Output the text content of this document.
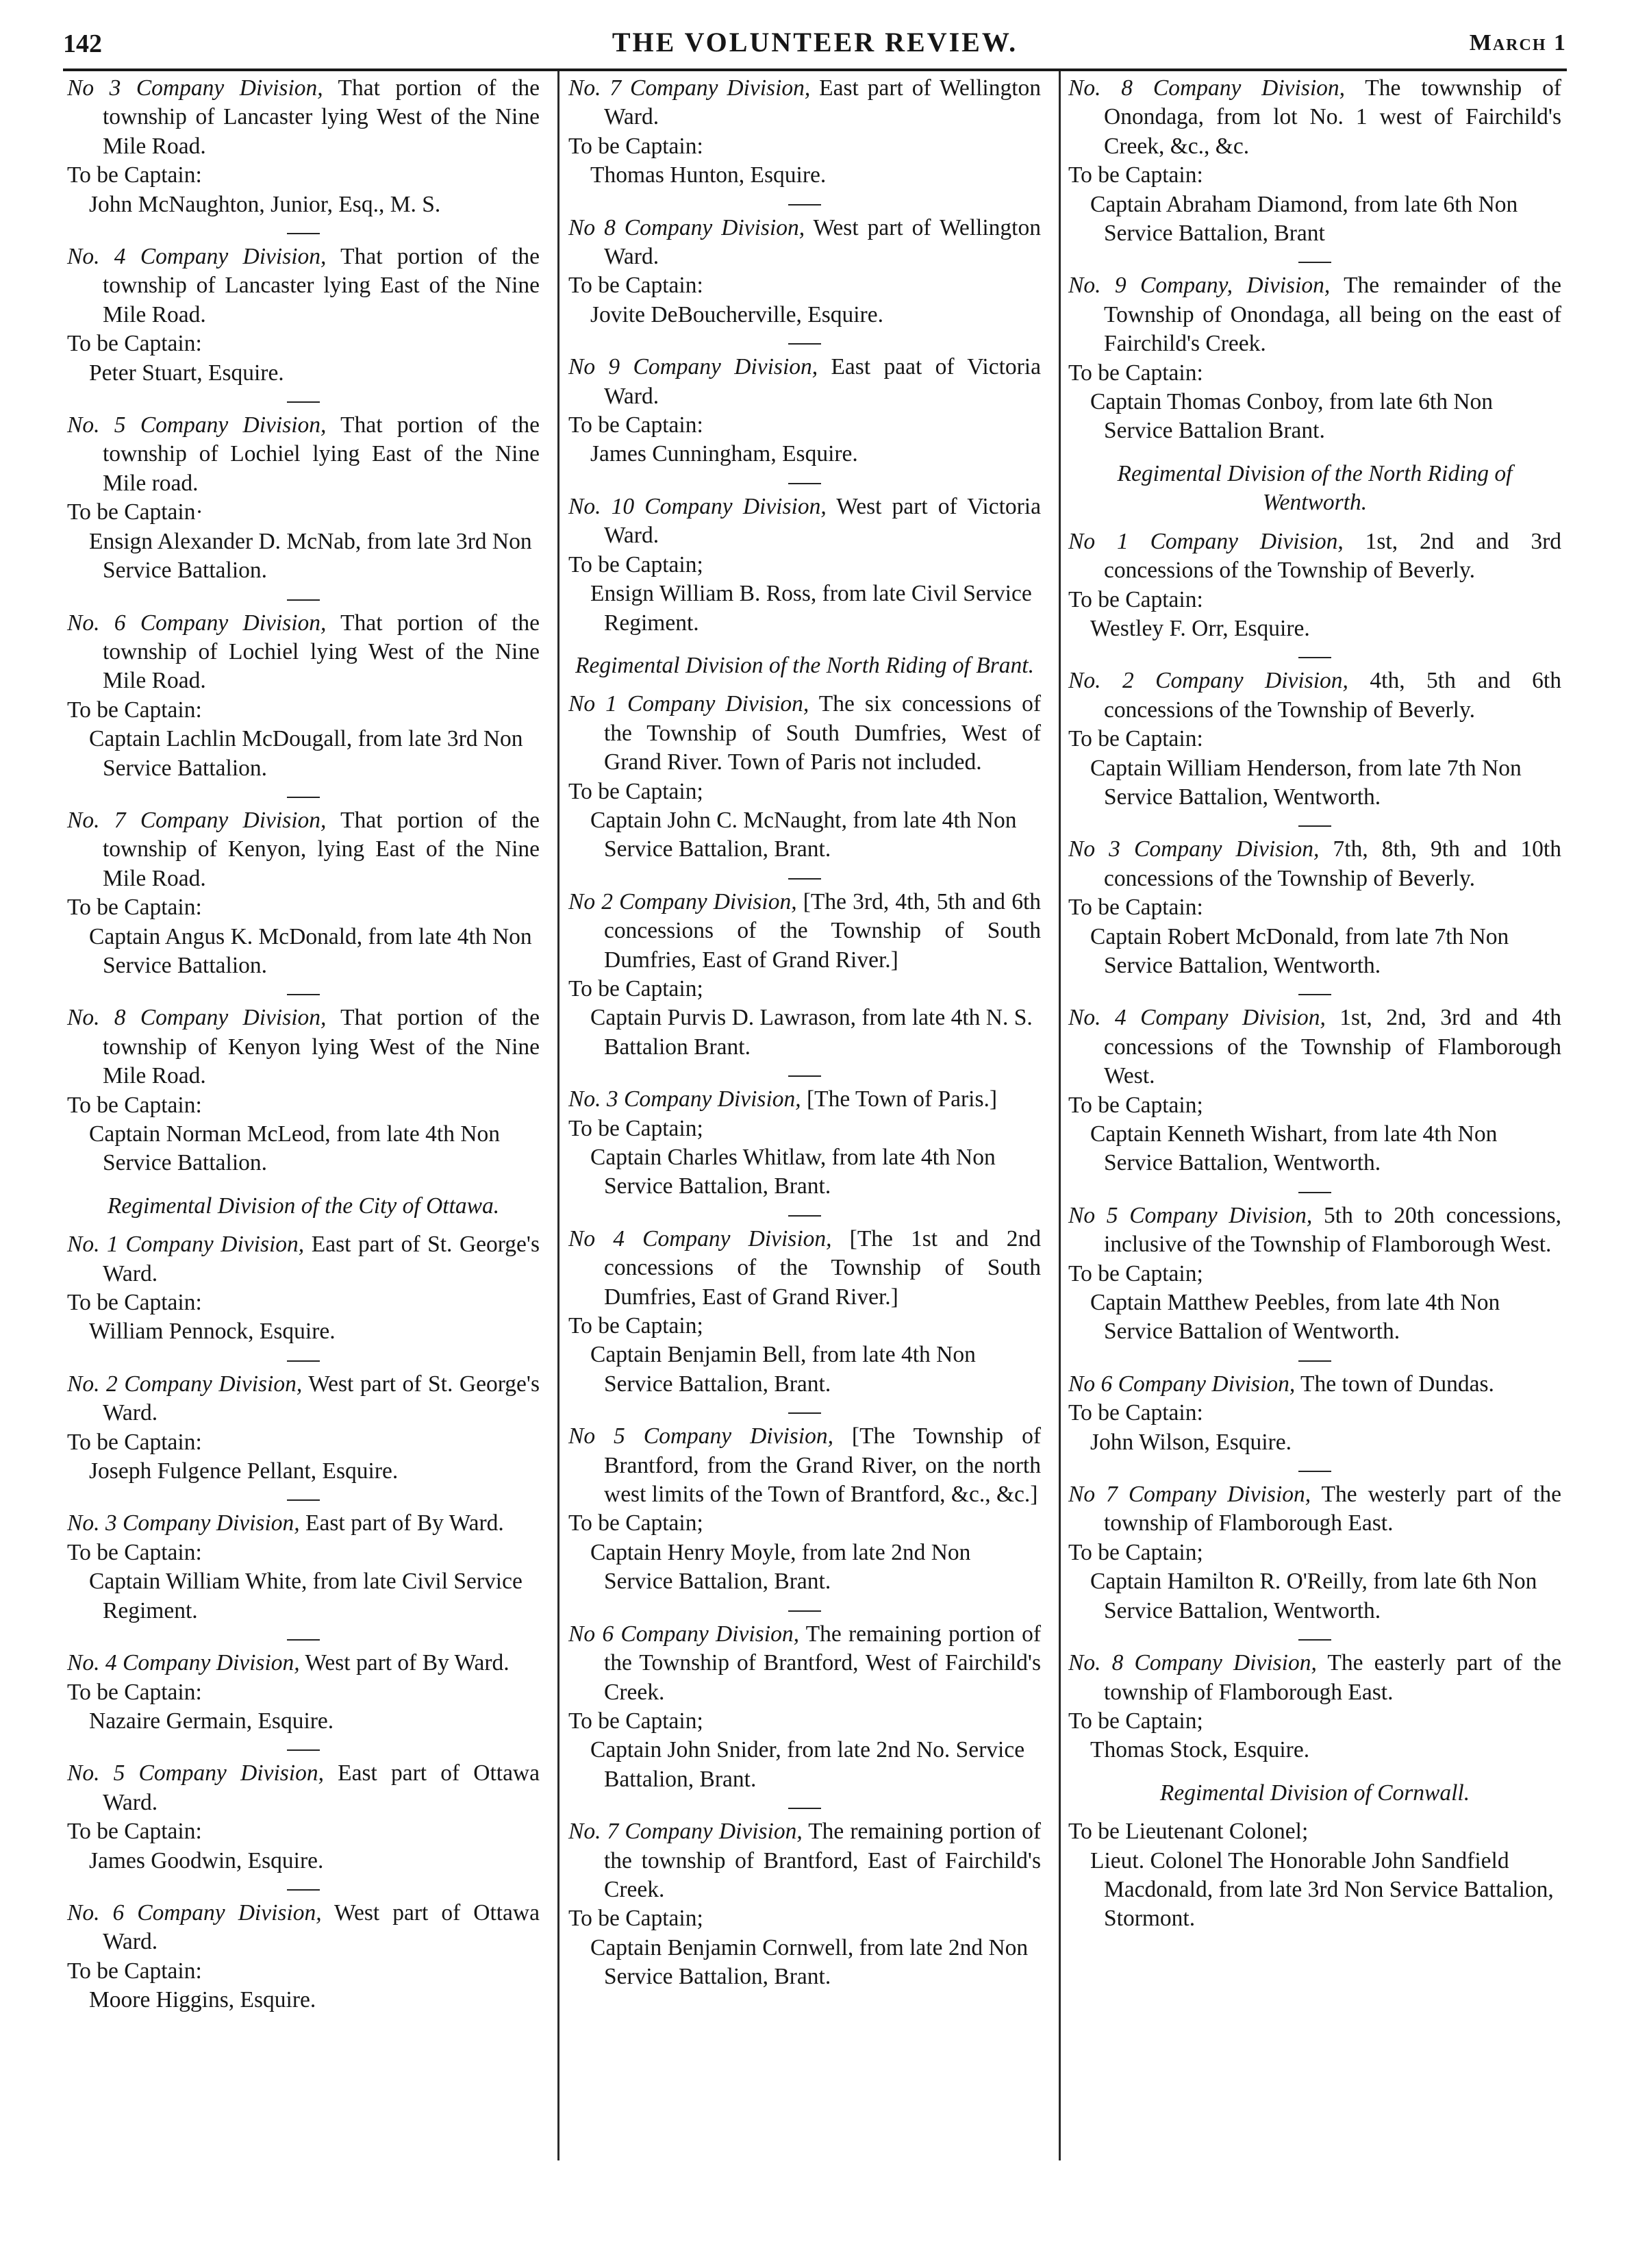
142	THE VOLUNTEER REVIEW.	March 1
No 3 Company Division, That portion of the township of Lancaster lying West of the Nine Mile Road.
To be Captain:
John McNaughton, Junior, Esq., M. S.
No. 4 Company Division, That portion of the township of Lancaster lying East of the Nine Mile Road.
To be Captain:
Peter Stuart, Esquire.
No. 5 Company Division, That portion of the township of Lochiel lying East of the Nine Mile road.
To be Captain·
Ensign Alexander D. McNab, from late 3rd Non Service Battalion.
No. 6 Company Division, That portion of the township of Lochiel lying West of the Nine Mile Road.
To be Captain:
Captain Lachlin McDougall, from late 3rd Non Service Battalion.
No. 7 Company Division, That portion of the township of Kenyon, lying East of the Nine Mile Road.
To be Captain:
Captain Angus K. McDonald, from late 4th Non Service Battalion.
No. 8 Company Division, That portion of the township of Kenyon lying West of the Nine Mile Road.
To be Captain:
Captain Norman McLeod, from late 4th Non Service Battalion.
Regimental Division of the City of Ottawa.
No. 1 Company Division, East part of St. George's Ward.
To be Captain:
William Pennock, Esquire.
No. 2 Company Division, West part of St. George's Ward.
To be Captain:
Joseph Fulgence Pellant, Esquire.
No. 3 Company Division, East part of By Ward.
To be Captain:
Captain William White, from late Civil Service Regiment.
No. 4 Company Division, West part of By Ward.
To be Captain:
Nazaire Germain, Esquire.
No. 5 Company Division, East part of Ottawa Ward.
To be Captain:
James Goodwin, Esquire.
No. 6 Company Division, West part of Ottawa Ward.
To be Captain:
Moore Higgins, Esquire.
No. 7 Company Division, East part of Wellington Ward.
To be Captain:
Thomas Hunton, Esquire.
No 8 Company Division, West part of Wellington Ward.
To be Captain:
Jovite DeBoucherville, Esquire.
No 9 Company Division, East paat of Victoria Ward.
To be Captain:
James Cunningham, Esquire.
No. 10 Company Division, West part of Victoria Ward.
To be Captain;
Ensign William B. Ross, from late Civil Service Regiment.
Regimental Division of the North Riding of Brant.
No 1 Company Division, The six concessions of the Township of South Dumfries, West of Grand River. Town of Paris not included.
To be Captain;
Captain John C. McNaught, from late 4th Non Service Battalion, Brant.
No 2 Company Division, [The 3rd, 4th, 5th and 6th concessions of the Township of South Dumfries, East of Grand River.]
To be Captain;
Captain Purvis D. Lawrason, from late 4th N. S. Battalion Brant.
No. 3 Company Division, [The Town of Paris.]
To be Captain;
Captain Charles Whitlaw, from late 4th Non Service Battalion, Brant.
No 4 Company Division, [The 1st and 2nd concessions of the Township of South Dumfries, East of Grand River.]
To be Captain;
Captain Benjamin Bell, from late 4th Non Service Battalion, Brant.
No 5 Company Division, [The Township of Brantford, from the Grand River, on the north west limits of the Town of Brantford, &c., &c.]
To be Captain;
Captain Henry Moyle, from late 2nd Non Service Battalion, Brant.
No 6 Company Division, The remaining portion of the Township of Brantford, West of Fairchild's Creek.
To be Captain;
Captain John Snider, from late 2nd No. Service Battalion, Brant.
No. 7 Company Division, The remaining portion of the township of Brantford, East of Fairchild's Creek.
To be Captain;
Captain Benjamin Cornwell, from late 2nd Non Service Battalion, Brant.
No. 8 Company Division, The towwnship of Onondaga, from lot No. 1 west of Fairchild's Creek, &c., &c.
To be Captain:
Captain Abraham Diamond, from late 6th Non Service Battalion, Brant
No. 9 Company, Division, The remainder of the Township of Onondaga, all being on the east of Fairchild's Creek.
To be Captain:
Captain Thomas Conboy, from late 6th Non Service Battalion Brant.
Regimental Division of the North Riding of Wentworth.
No 1 Company Division, 1st, 2nd and 3rd concessions of the Township of Beverly.
To be Captain:
Westley F. Orr, Esquire.
No. 2 Company Division, 4th, 5th and 6th concessions of the Township of Beverly.
To be Captain:
Captain William Henderson, from late 7th Non Service Battalion, Wentworth.
No 3 Company Division, 7th, 8th, 9th and 10th concessions of the Township of Beverly.
To be Captain:
Captain Robert McDonald, from late 7th Non Service Battalion, Wentworth.
No. 4 Company Division, 1st, 2nd, 3rd and 4th concessions of the Township of Flamborough West.
To be Captain;
Captain Kenneth Wishart, from late 4th Non Service Battalion, Wentworth.
No 5 Company Division, 5th to 20th concessions, inclusive of the Township of Flamborough West.
To be Captain;
Captain Matthew Peebles, from late 4th Non Service Battalion of Wentworth.
No 6 Company Division, The town of Dundas.
To be Captain:
John Wilson, Esquire.
No 7 Company Division, The westerly part of the township of Flamborough East.
To be Captain;
Captain Hamilton R. O'Reilly, from late 6th Non Service Battalion, Wentworth.
No. 8 Company Division, The easterly part of the township of Flamborough East.
To be Captain;
Thomas Stock, Esquire.
Regimental Division of Cornwall.
To be Lieutenant Colonel;
Lieut. Colonel The Honorable John Sandfield Macdonald, from late 3rd Non Service Battalion, Stormont.
